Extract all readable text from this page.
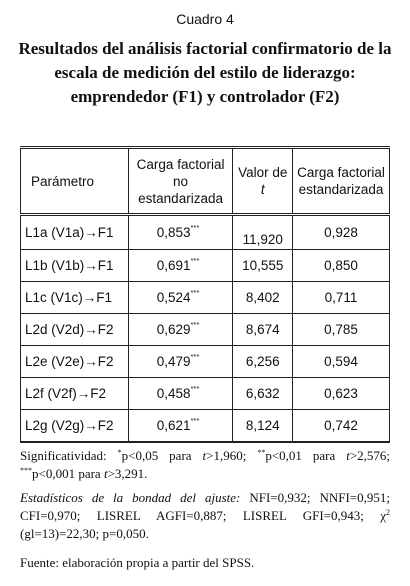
Cuadro 4
Resultados del análisis factorial confirmatorio de la escala de medición del estilo de liderazgo: emprendedor (F1) y controlador (F2)
Parámetro	Carga factorial no estandarizada	Valor de t	Carga factorial estandarizada
L1a (V1a)→F1	0,853***	11,920	0,928
L1b (V1b)→F1	0,691***	10,555	0,850
L1c (V1c)→F1	0,524***	8,402	0,711
L2d (V2d)→F2	0,629***	8,674	0,785
L2e (V2e)→F2	0,479***	6,256	0,594
L2f (V2f)→F2	0,458***	6,632	0,623
L2g (V2g)→F2	0,621***	8,124	0,742
Significatividad: *p<0,05 para t>1,960; **p<0,01 para t>2,576; ***p<0,001 para t>3,291.
Estadísticos de la bondad del ajuste: NFI=0,932; NNFI=0,951; CFI=0,970; LISREL AGFI=0,887; LISREL GFI=0,943; $\chi^2$ (gl=13)=22,30; p=0,050.
Fuente: elaboración propia a partir del SPSS.
